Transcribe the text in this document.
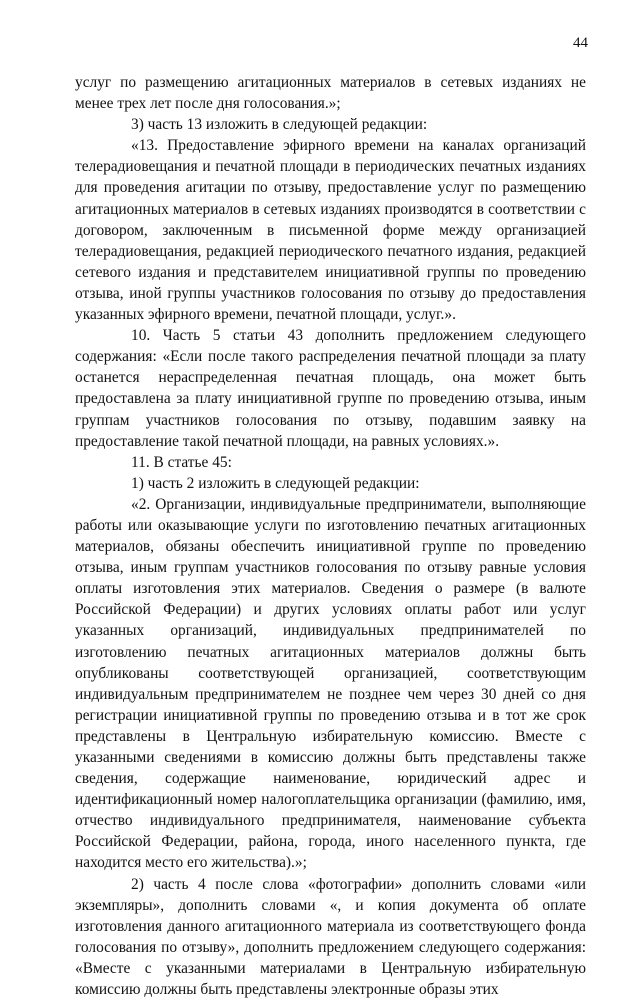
44

услуг по размещению агитационных материалов в сетевых изданиях не менее трех лет после дня голосования.»;

3) часть 13 изложить в следующей редакции:

«13. Предоставление эфирного времени на каналах организаций телерадиовещания и печатной площади в периодических печатных изданиях для проведения агитации по отзыву, предоставление услуг по размещению агитационных материалов в сетевых изданиях производятся в соответствии с договором, заключенным в письменной форме между организацией телерадиовещания, редакцией периодического печатного издания, редакцией сетевого издания и представителем инициативной группы по проведению отзыва, иной группы участников голосования по отзыву до предоставления указанных эфирного времени, печатной площади, услуг.».

10. Часть 5 статьи 43 дополнить предложением следующего содержания: «Если после такого распределения печатной площади за плату останется нераспределенная печатная площадь, она может быть предоставлена за плату инициативной группе по проведению отзыва, иным группам участников голосования по отзыву, подавшим заявку на предоставление такой печатной площади, на равных условиях.».

11. В статье 45:

1) часть 2 изложить в следующей редакции:

«2. Организации, индивидуальные предприниматели, выполняющие работы или оказывающие услуги по изготовлению печатных агитационных материалов, обязаны обеспечить инициативной группе по проведению отзыва, иным группам участников голосования по отзыву равные условия оплаты изготовления этих материалов. Сведения о размере (в валюте Российской Федерации) и других условиях оплаты работ или услуг указанных организаций, индивидуальных предпринимателей по изготовлению печатных агитационных материалов должны быть опубликованы соответствующей организацией, соответствующим индивидуальным предпринимателем не позднее чем через 30 дней со дня регистрации инициативной группы по проведению отзыва и в тот же срок представлены в Центральную избирательную комиссию. Вместе с указанными сведениями в комиссию должны быть представлены также сведения, содержащие наименование, юридический адрес и идентификационный номер налогоплательщика организации (фамилию, имя, отчество индивидуального предпринимателя, наименование субъекта Российской Федерации, района, города, иного населенного пункта, где находится место его жительства).»;

2) часть 4 после слова «фотографии» дополнить словами «или экземпляры», дополнить словами «, и копия документа об оплате изготовления данного агитационного материала из соответствующего фонда голосования по отзыву», дополнить предложением следующего содержания: «Вместе с указанными материалами в Центральную избирательную комиссию должны быть представлены электронные образы этих
